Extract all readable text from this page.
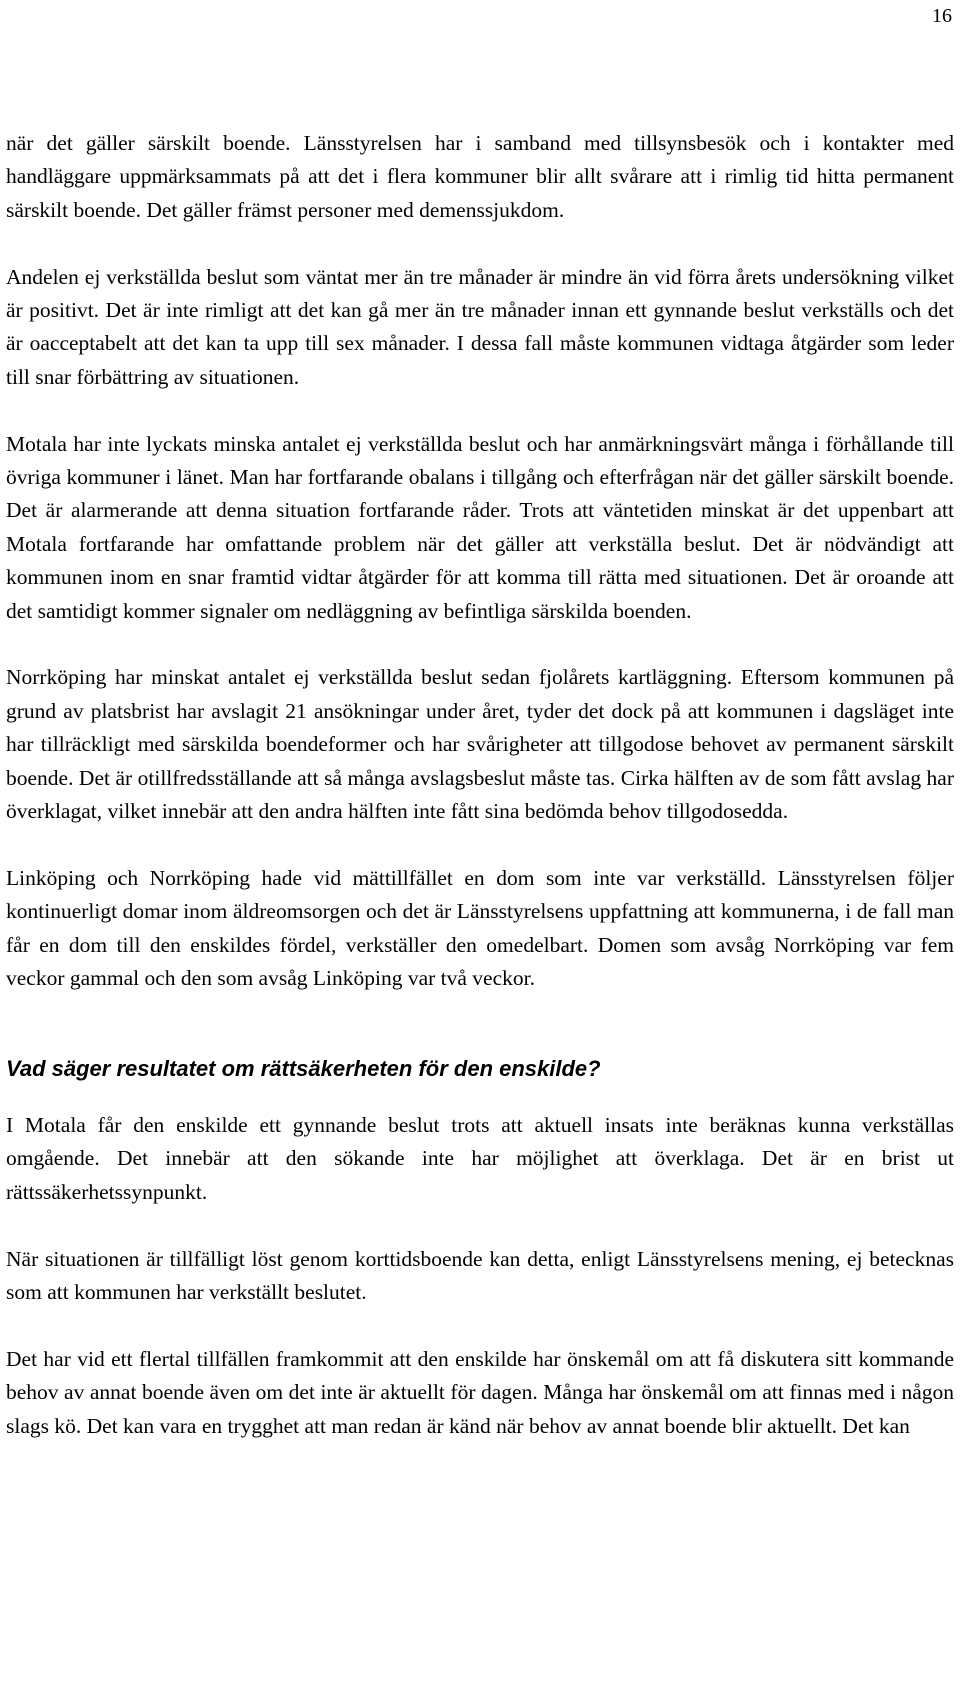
16

när det gäller särskilt boende. Länsstyrelsen har i samband med tillsynsbesök och i kontakter med handläggare uppmärksammats på att det i flera kommuner blir allt svårare att i rimlig tid hitta permanent särskilt boende. Det gäller främst personer med demenssjukdom.

Andelen ej verkställda beslut som väntat mer än tre månader är mindre än vid förra årets undersökning vilket är positivt. Det är inte rimligt att det kan gå mer än tre månader innan ett gynnande beslut verkställs och det är oacceptabelt att det kan ta upp till sex månader. I dessa fall måste kommunen vidtaga åtgärder som leder till snar förbättring av situationen.

Motala har inte lyckats minska antalet ej verkställda beslut och har anmärkningsvärt många i förhållande till övriga kommuner i länet. Man har fortfarande obalans i tillgång och efterfrågan när det gäller särskilt boende. Det är alarmerande att denna situation fortfarande råder. Trots att väntetiden minskat är det uppenbart att Motala fortfarande har omfattande problem när det gäller att verkställa beslut. Det är nödvändigt att kommunen inom en snar framtid vidtar åtgärder för att komma till rätta med situationen. Det är oroande att det samtidigt kommer signaler om nedläggning av befintliga särskilda boenden.

Norrköping har minskat antalet ej verkställda beslut sedan fjolårets kartläggning. Eftersom kommunen på grund av platsbrist har avslagit 21 ansökningar under året, tyder det dock på att kommunen i dagsläget inte har tillräckligt med särskilda boendeformer och har svårigheter att tillgodose behovet av permanent särskilt boende. Det är otillfredsställande att så många avslagsbeslut måste tas. Cirka hälften av de som fått avslag har överklagat, vilket innebär att den andra hälften inte fått sina bedömda behov tillgodosedda.

Linköping och Norrköping hade vid mättillfället en dom som inte var verkställd. Länsstyrelsen följer kontinuerligt domar inom äldreomsorgen och det är Länsstyrelsens uppfattning att kommunerna, i de fall man får en dom till den enskildes fördel, verkställer den omedelbart. Domen som avsåg Norrköping var fem veckor gammal och den som avsåg Linköping var två veckor.

Vad säger resultatet om rättsäkerheten för den enskilde?

I Motala får den enskilde ett gynnande beslut trots att aktuell insats inte beräknas kunna verkställas omgående. Det innebär att den sökande inte har möjlighet att överklaga. Det är en brist ut rättssäkerhetssynpunkt.

När situationen är tillfälligt löst genom korttidsboende kan detta, enligt Länsstyrelsens mening, ej betecknas som att kommunen har verkställt beslutet.

Det har vid ett flertal tillfällen framkommit att den enskilde har önskemål om att få diskutera sitt kommande behov av annat boende även om det inte är aktuellt för dagen. Många har önskemål om att finnas med i någon slags kö. Det kan vara en trygghet att man redan är känd när behov av annat boende blir aktuellt. Det kan
